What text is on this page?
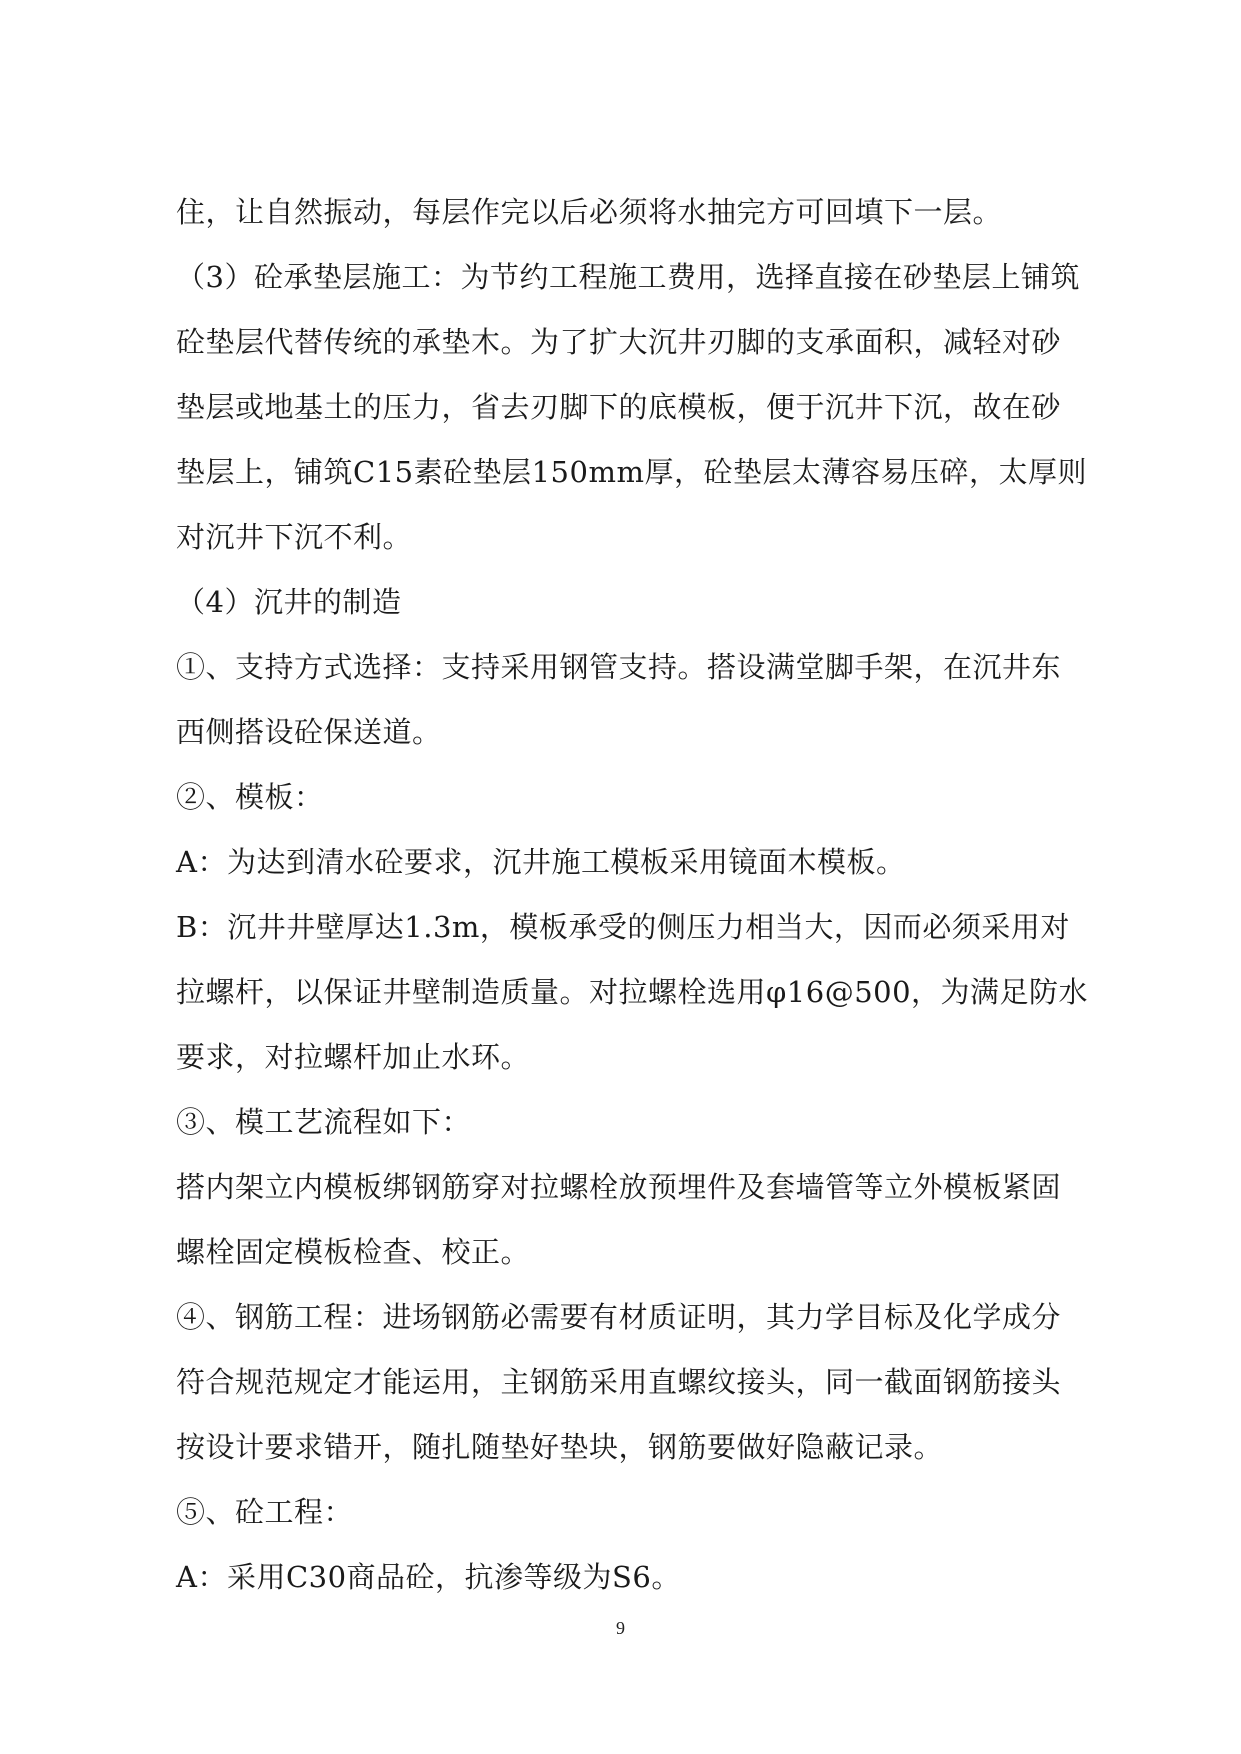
住，让自然振动，每层作完以后必须将水抽完方可回填下一层。
（3）砼承垫层施工：为节约工程施工费用，选择直接在砂垫层上铺筑
砼垫层代替传统的承垫木。为了扩大沉井刃脚的支承面积，减轻对砂
垫层或地基土的压力，省去刃脚下的底模板，便于沉井下沉，故在砂
垫层上，铺筑C15素砼垫层150mm厚，砼垫层太薄容易压碎，太厚则
对沉井下沉不利。
（4）沉井的制造
①、支持方式选择：支持采用钢管支持。搭设满堂脚手架，在沉井东
西侧搭设砼保送道。
②、模板：
A：为达到清水砼要求，沉井施工模板采用镜面木模板。
B：沉井井壁厚达1.3m，模板承受的侧压力相当大，因而必须采用对
拉螺杆，以保证井壁制造质量。对拉螺栓选用φ16@500，为满足防水
要求，对拉螺杆加止水环。
③、模工艺流程如下：
搭内架立内模板绑钢筋穿对拉螺栓放预埋件及套墙管等立外模板紧固
螺栓固定模板检查、校正。
④、钢筋工程：进场钢筋必需要有材质证明，其力学目标及化学成分
符合规范规定才能运用，主钢筋采用直螺纹接头，同一截面钢筋接头
按设计要求错开，随扎随垫好垫块，钢筋要做好隐蔽记录。
⑤、砼工程：
A：采用C30商品砼，抗渗等级为S6。
9
